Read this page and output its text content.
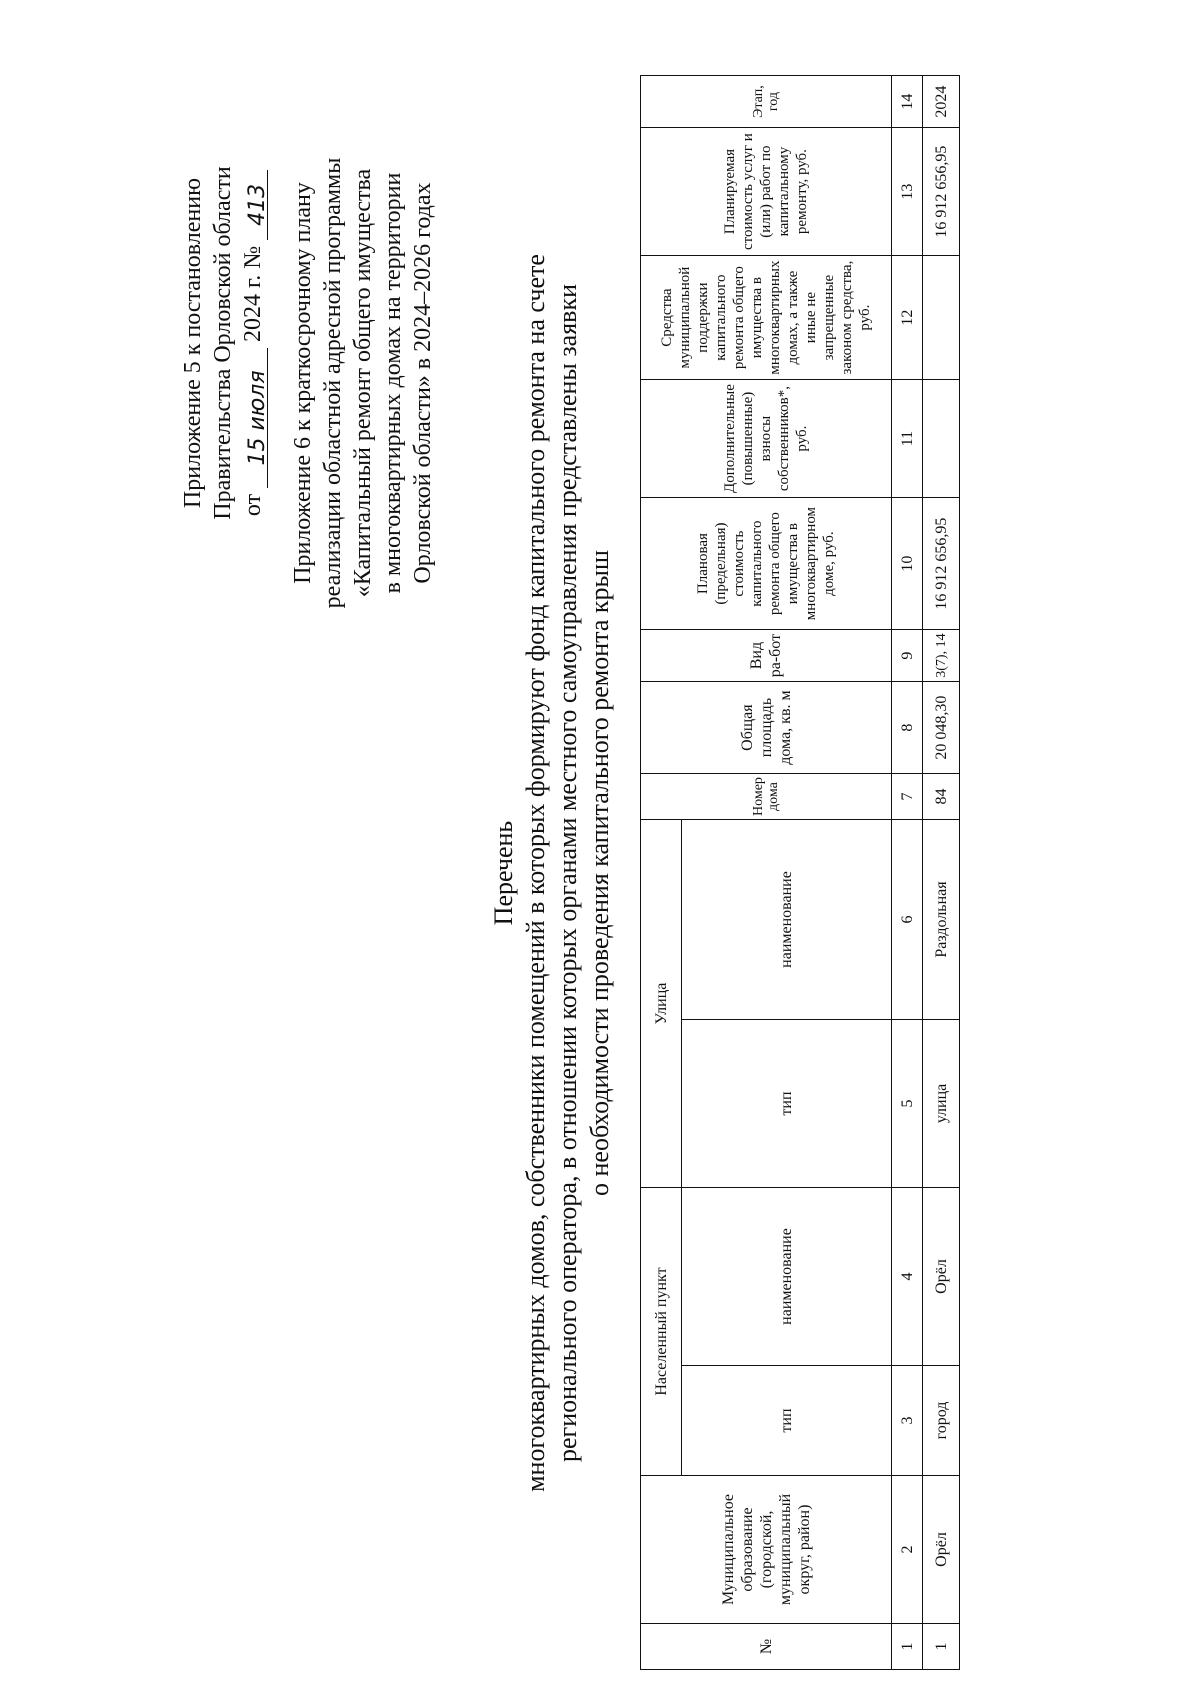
Приложение 5 к постановлению Правительства Орловской области от 15 июля 2024 г. № 413 Приложение 6 к краткосрочному плану реализации областной адресной программы «Капитальный ремонт общего имущества в многоквартирных домах на территории Орловской области» в 2024–2026 годах
Перечень многоквартирных домов, собственники помещений в которых формируют фонд капитального ремонта на счете регионального оператора, в отношении которых органами местного самоуправления представлены заявки о необходимости проведения капитального ремонта крыш
№	Муниципальное образование (городской, муниципальный округ, район)	Населенный пункт		Улица		Номер дома	Общая площадь дома, кв. м	Вид ра-бот	Плановая (предельная) стоимость капитального ремонта общего имущества в многоквартирном доме, руб.	Дополнительные (повышенные) взносы собственников*, руб.	Средства муниципальной поддержки капитального ремонта общего имущества в многоквартирных домах, а также иные не запрещенные законом средства, руб.	Планируемая стоимость услуг и (или) работ по капитальному ремонту, руб.	Этап, год
		тип	наименование	тип	наименование								
1	2	3	4	5	6	7	8	9	10	11	12	13	14
1	Орёл	город	Орёл	улица	Раздольная	84	20 048,30	3(7), 14	16 912 656,95			16 912 656,95	2024
